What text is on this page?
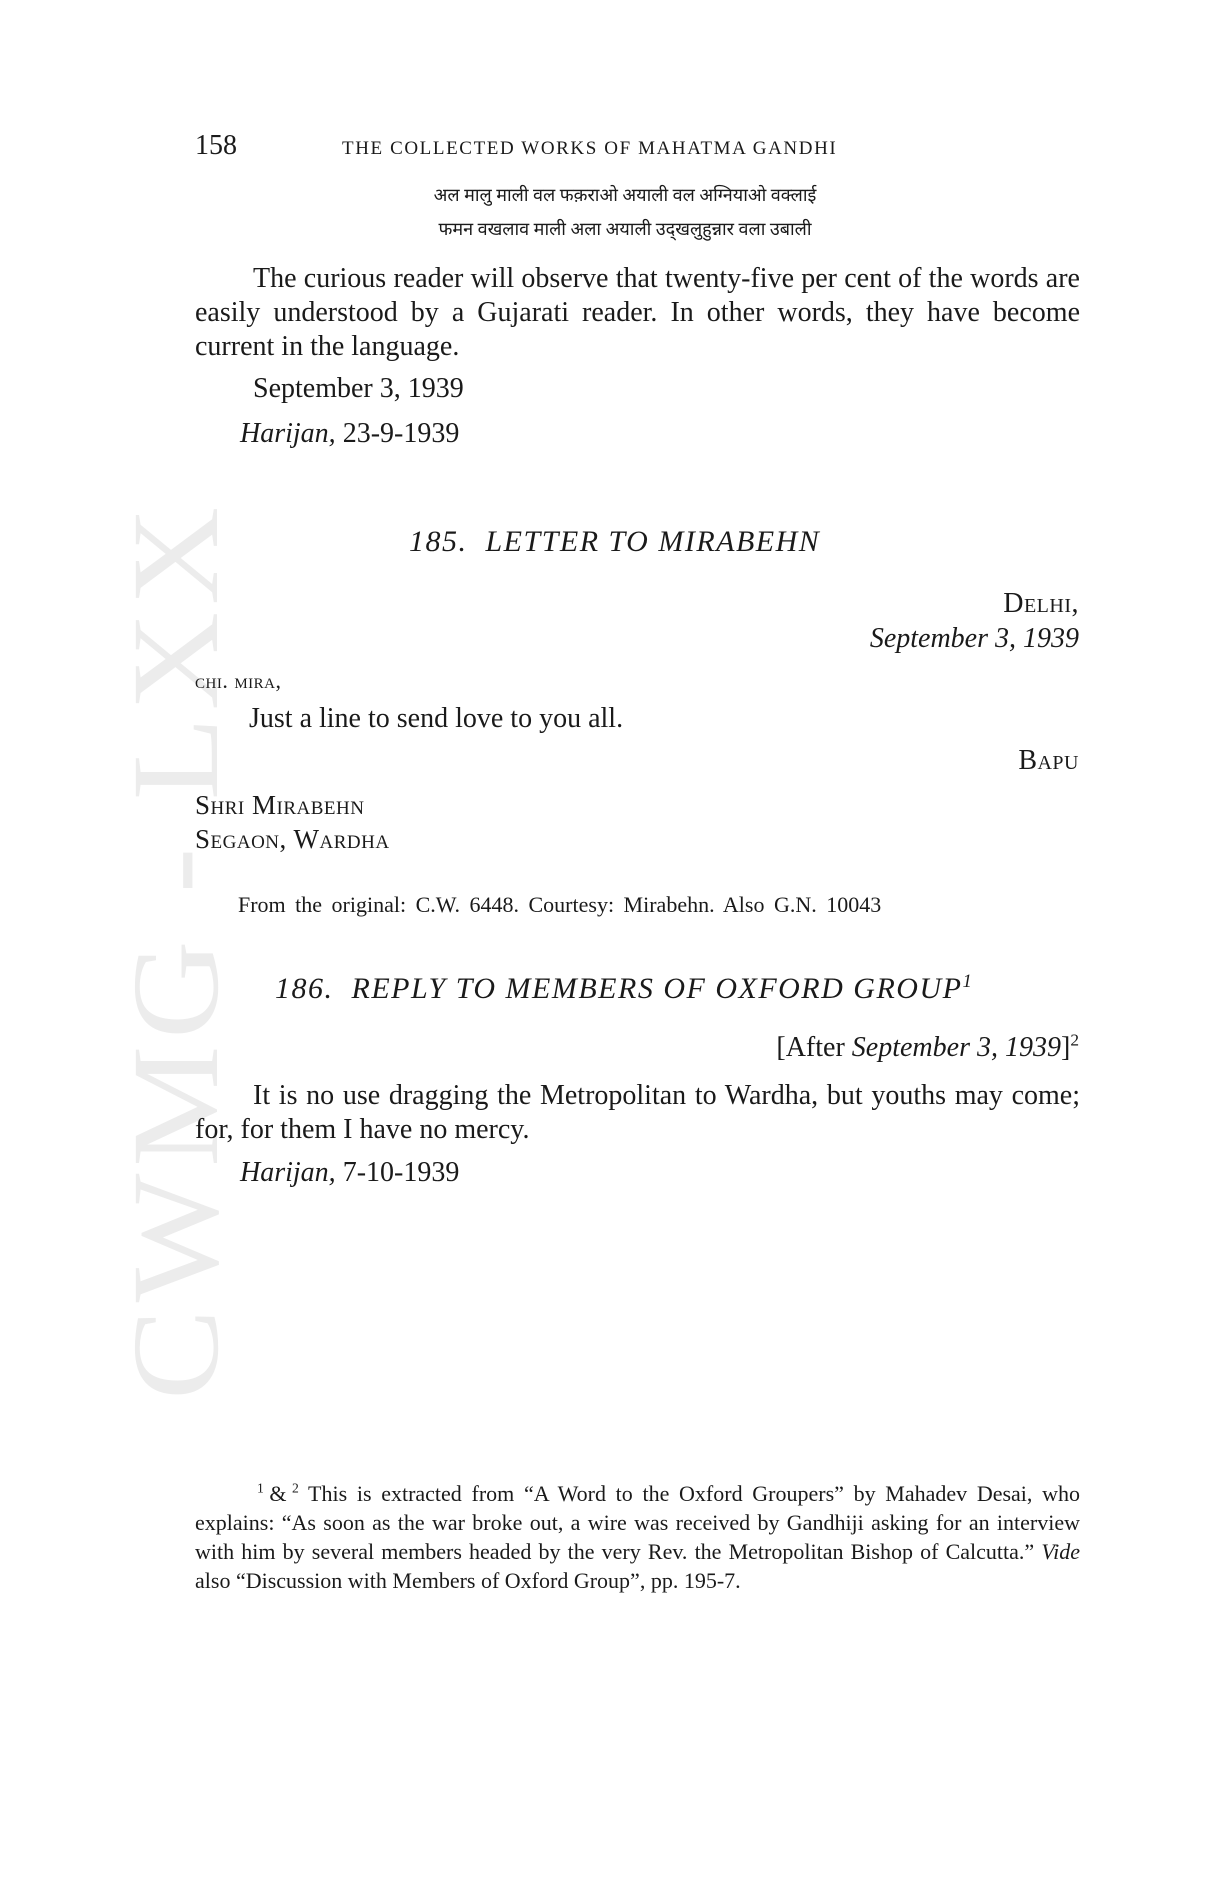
CWMG LXX
158	THE COLLECTED WORKS OF MAHATMA GANDHI
अल मालु माली वल फक़राओ अयाली वल अग्नियाओ वक्लाई
फमन वखलाव माली अला अयाली उद्खलुहुन्नार वला उबाली

The curious reader will observe that twenty-five per cent of the words are easily understood by a Gujarati reader. In other words, they have become current in the language.

September 3, 1939

Harijan, 23-9-1939

185. LETTER TO MIRABEHN

Delhi,

September 3, 1939

chi. mira,

Just a line to send love to you all.

Bapu

Shri Mirabehn

Segaon, Wardha

From the original: C.W. 6448. Courtesy: Mirabehn. Also G.N. 10043

186. REPLY TO MEMBERS OF OXFORD GROUP$^1$

[After September 3, 1939]$^2$

It is no use dragging the Metropolitan to Wardha, but youths may come; for, for them I have no mercy.

Harijan, 7-10-1939

$^1$ & $^2$ This is extracted from “A Word to the Oxford Groupers” by Mahadev Desai, who explains: “As soon as the war broke out, a wire was received by Gandhiji asking for an interview with him by several members headed by the very Rev. the Metropolitan Bishop of Calcutta.” Vide also “Discussion with Members of Oxford Group”, pp. 195-7.
